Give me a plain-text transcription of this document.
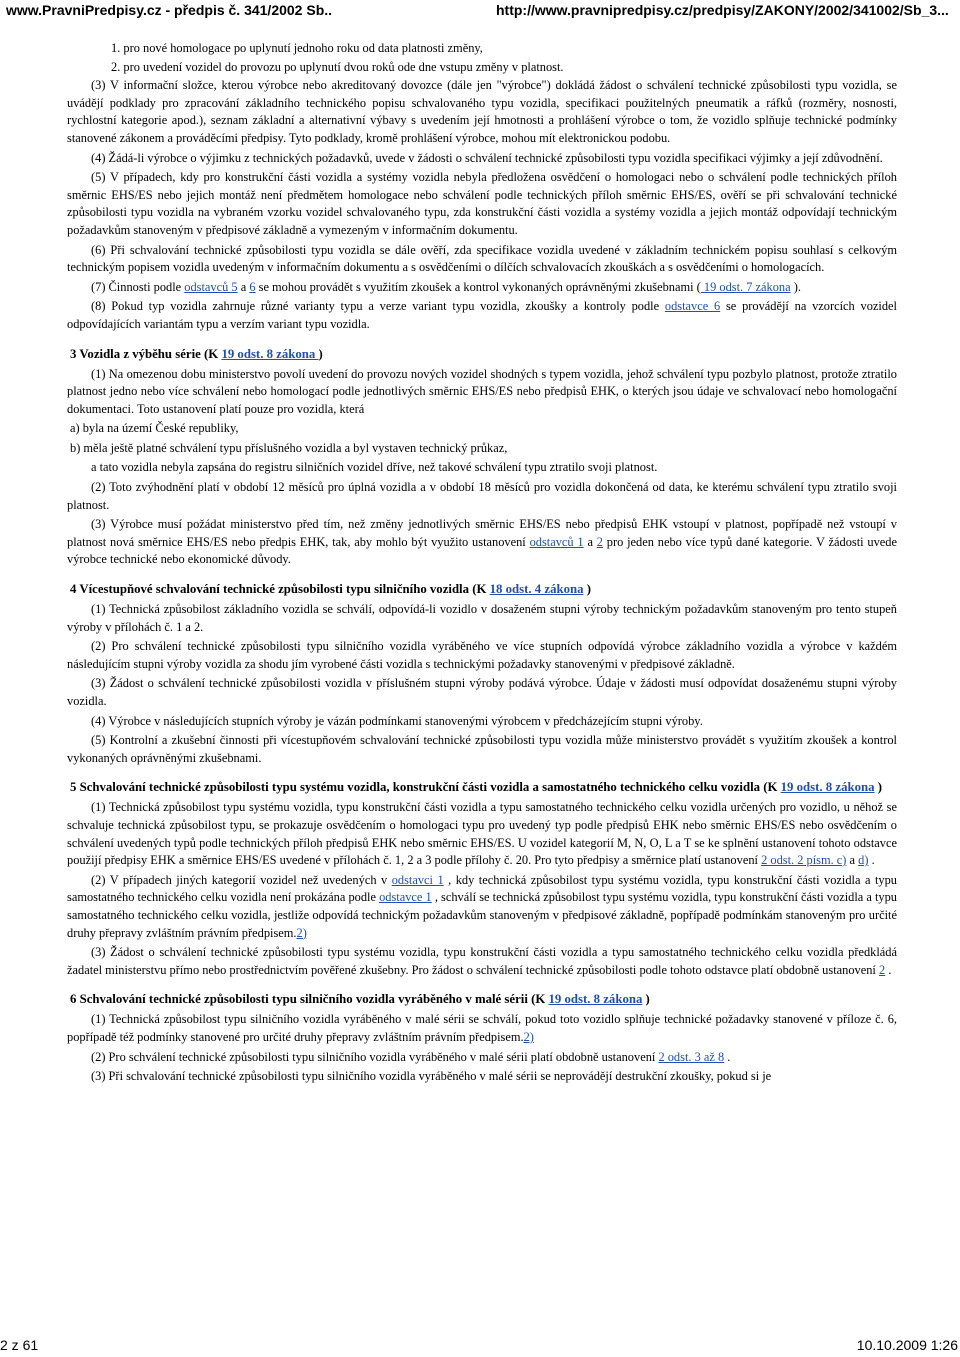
www.PravniPredpisy.cz - předpis č. 341/2002 Sb..	http://www.pravnipredpisy.cz/predpisy/ZAKONY/2002/341002/Sb_3...
1. pro nové homologace po uplynutí jednoho roku od data platnosti změny,
2. pro uvedení vozidel do provozu po uplynutí dvou roků ode dne vstupu změny v platnost.

(3) V informační složce, kterou výrobce nebo akreditovaný dovozce (dále jen "výrobce") dokládá žádost o schválení technické způsobilosti typu vozidla, se uvádějí podklady pro zpracování základního technického popisu schvalovaného typu vozidla, specifikaci použitelných pneumatik a ráfků (rozměry, nosnosti, rychlostní kategorie apod.), seznam základní a alternativní výbavy s uvedením její hmotnosti a prohlášení výrobce o tom, že vozidlo splňuje technické podmínky stanovené zákonem a prováděcími předpisy. Tyto podklady, kromě prohlášení výrobce, mohou mít elektronickou podobu.

(4) Žádá-li výrobce o výjimku z technických požadavků, uvede v žádosti o schválení technické způsobilosti typu vozidla specifikaci výjimky a její zdůvodnění.

(5) V případech, kdy pro konstrukční části vozidla a systémy vozidla nebyla předložena osvědčení o homologaci nebo o schválení podle technických příloh směrnic EHS/ES nebo jejich montáž není předmětem homologace nebo schválení podle technických příloh směrnic EHS/ES, ověří se při schvalování technické způsobilosti typu vozidla na vybraném vzorku vozidel schvalovaného typu, zda konstrukční části vozidla a systémy vozidla a jejich montáž odpovídají technickým požadavkům stanoveným v předpisové základně a vymezeným v informačním dokumentu.

(6) Při schvalování technické způsobilosti typu vozidla se dále ověří, zda specifikace vozidla uvedené v základním technickém popisu souhlasí s celkovým technickým popisem vozidla uvedeným v informačním dokumentu a s osvědčeními o dílčích schvalovacích zkouškách a s osvědčeními o homologacích.

(7) Činnosti podle odstavců 5 a 6 se mohou provádět s využitím zkoušek a kontrol vykonaných oprávněnými zkušebnami ( 19 odst. 7 zákona ).

(8) Pokud typ vozidla zahrnuje různé varianty typu a verze variant typu vozidla, zkoušky a kontroly podle odstavce 6 se provádějí na vzorcích vozidel odpovídajících variantám typu a verzím variant typu vozidla.

3 Vozidla z výběhu série (K 19 odst. 8 zákona )

(1) Na omezenou dobu ministerstvo povolí uvedení do provozu nových vozidel shodných s typem vozidla, jehož schválení typu pozbylo platnost, protože ztratilo platnost jedno nebo více schválení nebo homologací podle jednotlivých směrnic EHS/ES nebo předpisů EHK, o kterých jsou údaje ve schvalovací nebo homologační dokumentaci. Toto ustanovení platí pouze pro vozidla, která

a) byla na území České republiky,

b) měla ještě platné schválení typu příslušného vozidla a byl vystaven technický průkaz,

a tato vozidla nebyla zapsána do registru silničních vozidel dříve, než takové schválení typu ztratilo svoji platnost.

(2) Toto zvýhodnění platí v období 12 měsíců pro úplná vozidla a v období 18 měsíců pro vozidla dokončená od data, ke kterému schválení typu ztratilo svoji platnost.

(3) Výrobce musí požádat ministerstvo před tím, než změny jednotlivých směrnic EHS/ES nebo předpisů EHK vstoupí v platnost, popřípadě než vstoupí v platnost nová směrnice EHS/ES nebo předpis EHK, tak, aby mohlo být využito ustanovení odstavců 1 a 2 pro jeden nebo více typů dané kategorie. V žádosti uvede výrobce technické nebo ekonomické důvody.

4 Vícestupňové schvalování technické způsobilosti typu silničního vozidla (K 18 odst. 4 zákona )

(1) Technická způsobilost základního vozidla se schválí, odpovídá-li vozidlo v dosaženém stupni výroby technickým požadavkům stanoveným pro tento stupeň výroby v přílohách č. 1 a 2.

(2) Pro schválení technické způsobilosti typu silničního vozidla vyráběného ve více stupních odpovídá výrobce základního vozidla a výrobce v každém následujícím stupni výroby vozidla za shodu jím vyrobené části vozidla s technickými požadavky stanovenými v předpisové základně.

(3) Žádost o schválení technické způsobilosti vozidla v příslušném stupni výroby podává výrobce. Údaje v žádosti musí odpovídat dosaženému stupni výroby vozidla.

(4) Výrobce v následujících stupních výroby je vázán podmínkami stanovenými výrobcem v předcházejícím stupni výroby.

(5) Kontrolní a zkušební činnosti při vícestupňovém schvalování technické způsobilosti typu vozidla může ministerstvo provádět s využitím zkoušek a kontrol vykonaných oprávněnými zkušebnami.

5 Schvalování technické způsobilosti typu systému vozidla, konstrukční části vozidla a samostatného technického celku vozidla (K 19 odst. 8 zákona )

(1) Technická způsobilost typu systému vozidla, typu konstrukční části vozidla a typu samostatného technického celku vozidla určených pro vozidlo, u něhož se schvaluje technická způsobilost typu, se prokazuje osvědčením o homologaci typu pro uvedený typ podle předpisů EHK nebo směrnic EHS/ES nebo osvědčením o schválení uvedených typů podle technických příloh předpisů EHK nebo směrnic EHS/ES. U vozidel kategorií M, N, O, L a T se ke splnění ustanovení tohoto odstavce použijí předpisy EHK a směrnice EHS/ES uvedené v přílohách č. 1, 2 a 3 podle přílohy č. 20. Pro tyto předpisy a směrnice platí ustanovení 2 odst. 2 písm. c) a d) .

(2) V případech jiných kategorií vozidel než uvedených v odstavci 1 , kdy technická způsobilost typu systému vozidla, typu konstrukční části vozidla a typu samostatného technického celku vozidla není prokázána podle odstavce 1 , schválí se technická způsobilost typu systému vozidla, typu konstrukční části vozidla a typu samostatného technického celku vozidla, jestliže odpovídá technickým požadavkům stanoveným v předpisové základně, popřípadě podmínkám stanoveným pro určité druhy přepravy zvláštním právním předpisem.2)

(3) Žádost o schválení technické způsobilosti typu systému vozidla, typu konstrukční části vozidla a typu samostatného technického celku vozidla předkládá žadatel ministerstvu přímo nebo prostřednictvím pověřené zkušebny. Pro žádost o schválení technické způsobilosti podle tohoto odstavce platí obdobně ustanovení 2 .

6 Schvalování technické způsobilosti typu silničního vozidla vyráběného v malé sérii (K 19 odst. 8 zákona )

(1) Technická způsobilost typu silničního vozidla vyráběného v malé sérii se schválí, pokud toto vozidlo splňuje technické požadavky stanovené v příloze č. 6, popřípadě též podmínky stanovené pro určité druhy přepravy zvláštním právním předpisem.2)

(2) Pro schválení technické způsobilosti typu silničního vozidla vyráběného v malé sérii platí obdobně ustanovení 2 odst. 3 až 8 .

(3) Při schvalování technické způsobilosti typu silničního vozidla vyráběného v malé sérii se neprovádějí destrukční zkoušky, pokud si je

2 z 61	10.10.2009 1:26
